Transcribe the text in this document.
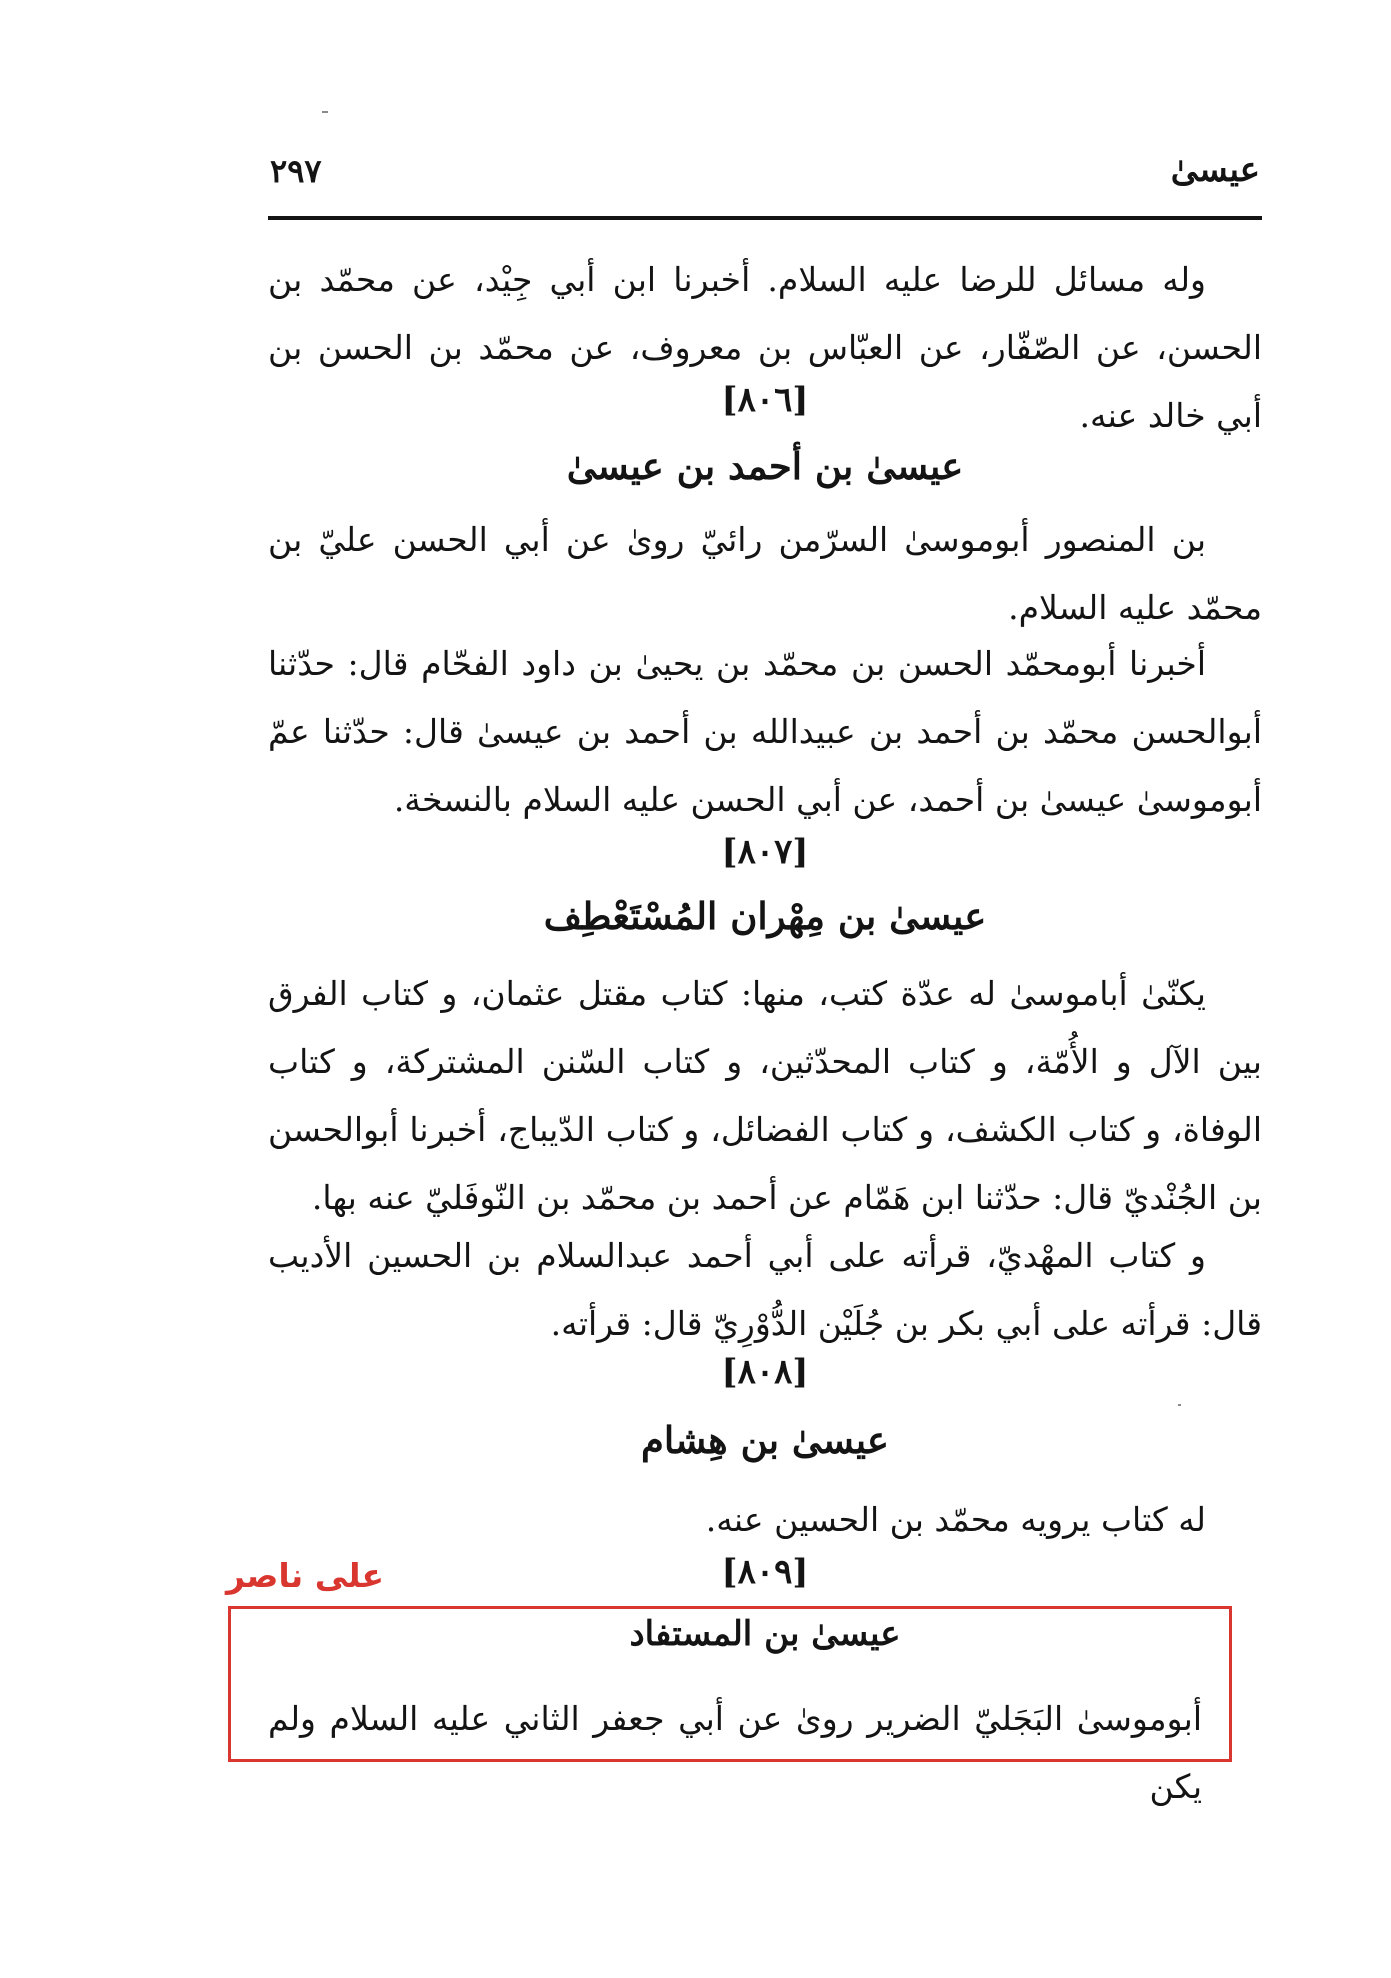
عيسىٰ
٢٩٧
وله مسائل للرضا عليه السلام. أخبرنا ابن أبي جِيْد، عن محمّد بن الحسن، عن الصّفّار، عن العبّاس بن معروف، عن محمّد بن الحسن بن أبي خالد عنه.
[٨٠٦]
عيسىٰ بن أحمد بن عيسىٰ
بن المنصور أبوموسىٰ السرّمن رائيّ روىٰ عن أبي الحسن عليّ بن محمّد عليه السلام.
أخبرنا أبومحمّد الحسن بن محمّد بن يحيىٰ بن داود الفحّام قال: حدّثنا أبوالحسن محمّد بن أحمد بن عبيدالله بن أحمد بن عيسىٰ قال: حدّثنا عمّ أبوموسىٰ عيسىٰ بن أحمد، عن أبي الحسن عليه السلام بالنسخة.
[٨٠٧]
عيسىٰ بن مِهْران المُسْتَعْطِف
يكنّىٰ أباموسىٰ له عدّة كتب، منها: كتاب مقتل عثمان، و كتاب الفرق بين الآل و الأُمّة، و كتاب المحدّثين، و كتاب السّنن المشتركة، و كتاب الوفاة، و كتاب الكشف، و كتاب الفضائل، و كتاب الدّيباج، أخبرنا أبوالحسن بن الجُنْديّ قال: حدّثنا ابن هَمّام عن أحمد بن محمّد بن النّوفَليّ عنه بها.
و كتاب المهْديّ، قرأته على أبي أحمد عبدالسلام بن الحسين الأديب قال: قرأته على أبي بكر بن جُلَيْن الدُّوْرِيّ قال: قرأته.
[٨٠٨]
عيسىٰ بن هِشام
له كتاب يرويه محمّد بن الحسين عنه.
[٨٠٩]
على ناصر
عيسىٰ بن المستفاد
أبوموسىٰ البَجَليّ الضرير روىٰ عن أبي جعفر الثاني عليه السلام ولم يكن
